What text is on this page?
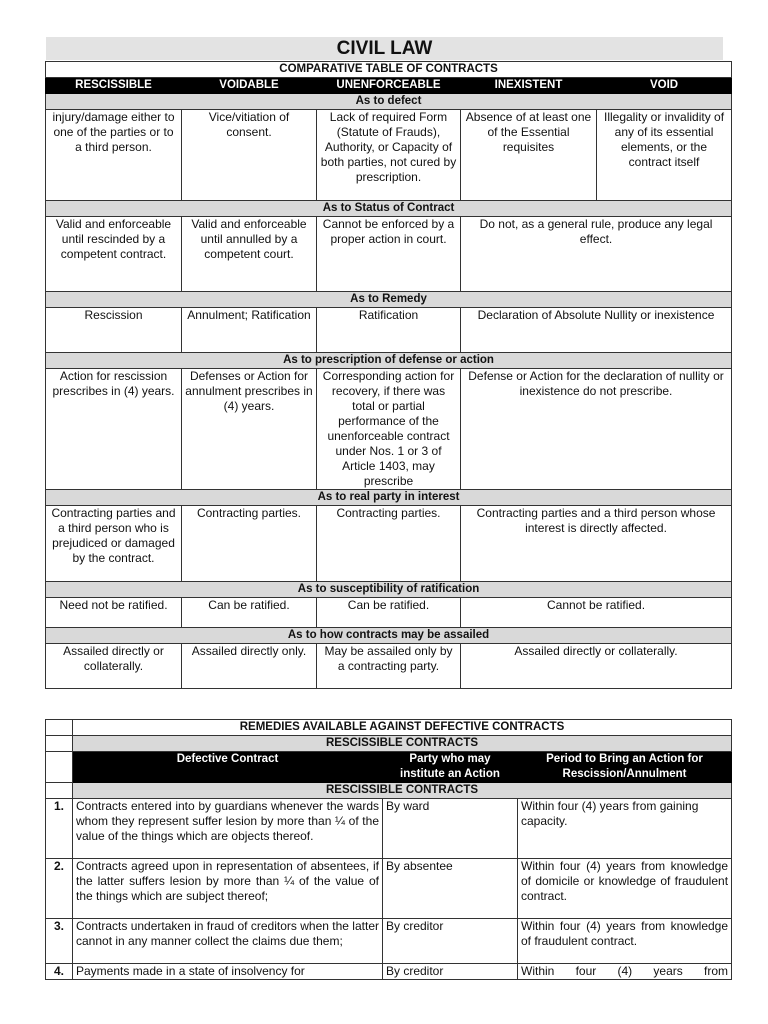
CIVIL LAW
COMPARATIVE TABLE OF CONTRACTS				
RESCISSIBLE	VOIDABLE	UNENFORCEABLE	INEXISTENT	VOID
As to defect				
injury/damage either to one of the parties or to a third person.	Vice/vitiation of consent.	Lack of required Form (Statute of Frauds), Authority, or Capacity of both parties, not cured by prescription.	Absence of at least one of the Essential requisites	Illegality or invalidity of any of its essential elements, or the contract itself
As to Status of Contract				
Valid and enforceable until rescinded by a competent contract.	Valid and enforceable until annulled by a competent court.	Cannot be enforced by a proper action in court.	Do not, as a general rule, produce any legal effect.	
As to Remedy				
Rescission	Annulment; Ratification	Ratification	Declaration of Absolute Nullity or inexistence	
As to prescription of defense or action				
Action for rescission prescribes in (4) years.	Defenses or Action for annulment prescribes in (4) years.	Corresponding action for recovery, if there was total or partial performance of the unenforceable contract under Nos. 1 or 3 of Article 1403, may prescribe	Defense or Action for the declaration of nullity or inexistence do not prescribe.	
As to real party in interest				
Contracting parties and a third person who is prejudiced or damaged by the contract.	Contracting parties.	Contracting parties.	Contracting parties and a third person whose interest is directly affected.	
As to susceptibility of ratification				
Need not be ratified.	Can be ratified.	Can be ratified.	Cannot be ratified.	
As to how contracts may be assailed				
Assailed directly or collaterally.	Assailed directly only.	May be assailed only by a contracting party.	Assailed directly or collaterally.	
	REMEDIES AVAILABLE AGAINST DEFECTIVE CONTRACTS		
	RESCISSIBLE CONTRACTS		
	Defective Contract	Party who may institute an Action	Period to Bring an Action for Rescission/Annulment
	RESCISSIBLE CONTRACTS		
1.	Contracts entered into by guardians whenever the wards whom they represent suffer lesion by more than ¼ of the value of the things which are objects thereof.	By ward	Within four (4) years from gaining capacity.
2.	Contracts agreed upon in representation of absentees, if the latter suffers lesion by more than ¼ of the value of the things which are subject thereof;	By absentee	Within four (4) years from knowledge of domicile or knowledge of fraudulent contract.
3.	Contracts undertaken in fraud of creditors when the latter cannot in any manner collect the claims due them;	By creditor	Within four (4) years from knowledge of fraudulent contract.
4.	Payments made in a state of insolvency for	By creditor	Within four (4) years from
